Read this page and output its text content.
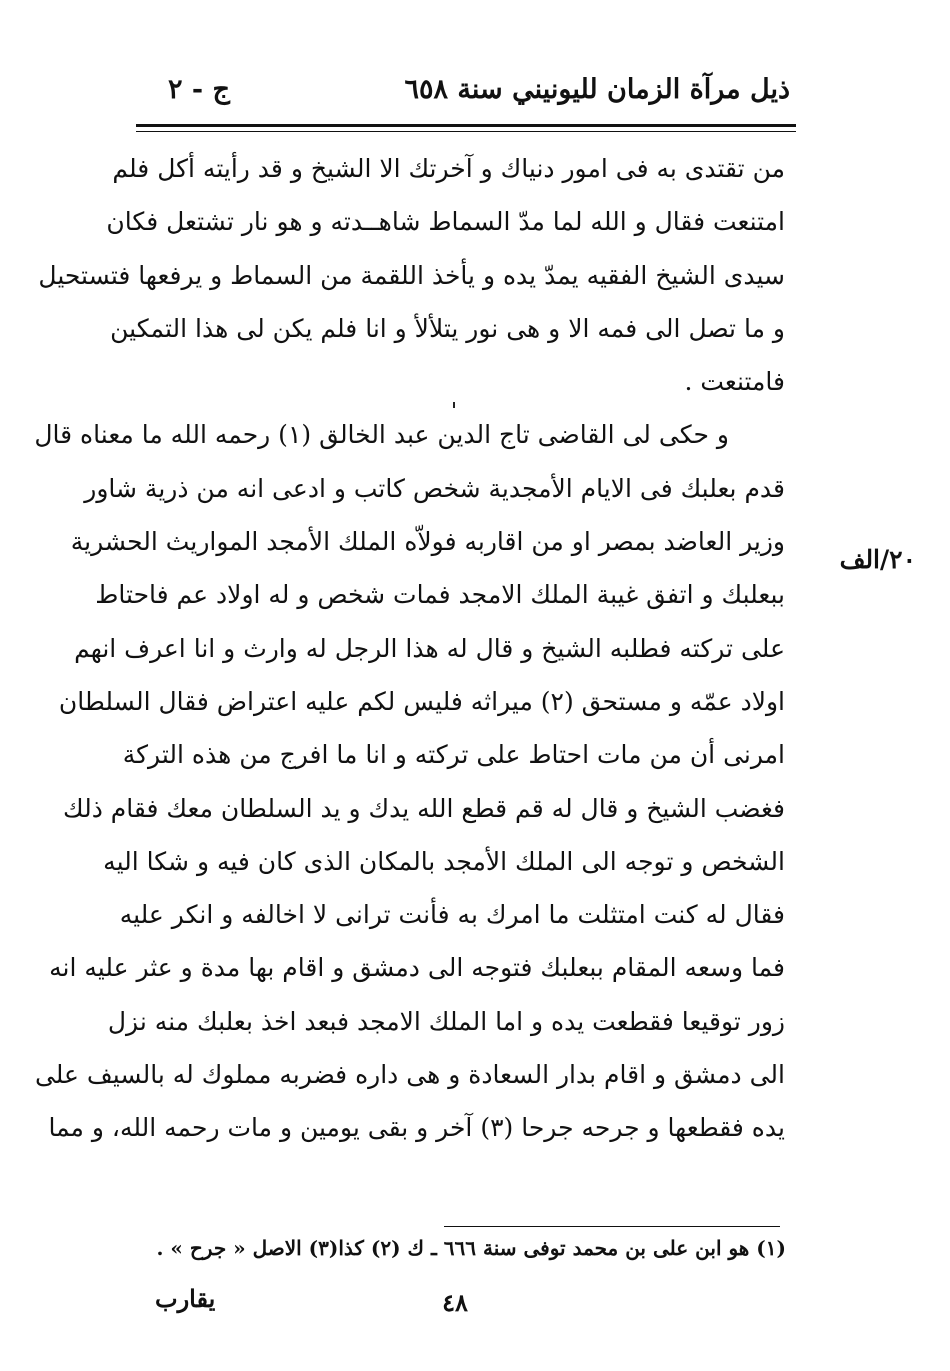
ذيل مرآة الزمان لليونيني سنة ٦٥٨
ج - ٢
من تقتدى به فى امور دنياك و آخرتك الا الشيخ و قد رأيته أكل فلم
امتنعت فقال و الله لما مدّ السماط شاهــدته و هو نار تشتعل فكان
سيدى الشيخ الفقيه يمدّ يده و يأخذ اللقمة من السماط و يرفعها فتستحيل
و ما تصل الى فمه الا و هى نور يتلألأ و انا فلم يكن لى هذا التمكين
فامتنعت .
و حكى لى القاضى تاج الدين عبد الخالق (١) رحمه الله ما معناه قال
قدم بعلبك فى الايام الأمجدية شخص كاتب و ادعى انه من ذرية شاور
وزير العاضد بمصر او من اقاربه فولاّه الملك الأمجد المواريث الحشرية
ببعلبك و اتفق غيبة الملك الامجد فمات شخص و له اولاد عم فاحتاط
على تركته فطلبه الشيخ و قال له هذا الرجل له وارث و انا اعرف انهم
اولاد عمّه و مستحق (٢) ميراثه فليس لكم عليه اعتراض فقال السلطان
امرنى أن من مات احتاط على تركته و انا ما افرج من هذه التركة
فغضب الشيخ و قال له قم قطع الله يدك و يد السلطان معك فقام ذلك
الشخص و توجه الى الملك الأمجد بالمكان الذى كان فيه و شكا اليه
فقال له كنت امتثلت ما امرك به فأنت ترانى لا اخالفه و انكر عليه
فما وسعه المقام ببعلبك فتوجه الى دمشق و اقام بها مدة و عثر عليه انه
زور توقيعا فقطعت يده و اما الملك الامجد فبعد اخذ بعلبك منه نزل
الى دمشق و اقام بدار السعادة و هى داره فضربه مملوك له بالسيف على
يده فقطعها و جرحه جرحا (٣) آخر و بقى يومين و مات رحمه الله، و مما
٢٠/الف
(١) هو ابن على بن محمد توفى سنة ٦٦٦ ـ ك (٢) كذا(٣) الاصل « جرح » .
يقارب	٤٨
